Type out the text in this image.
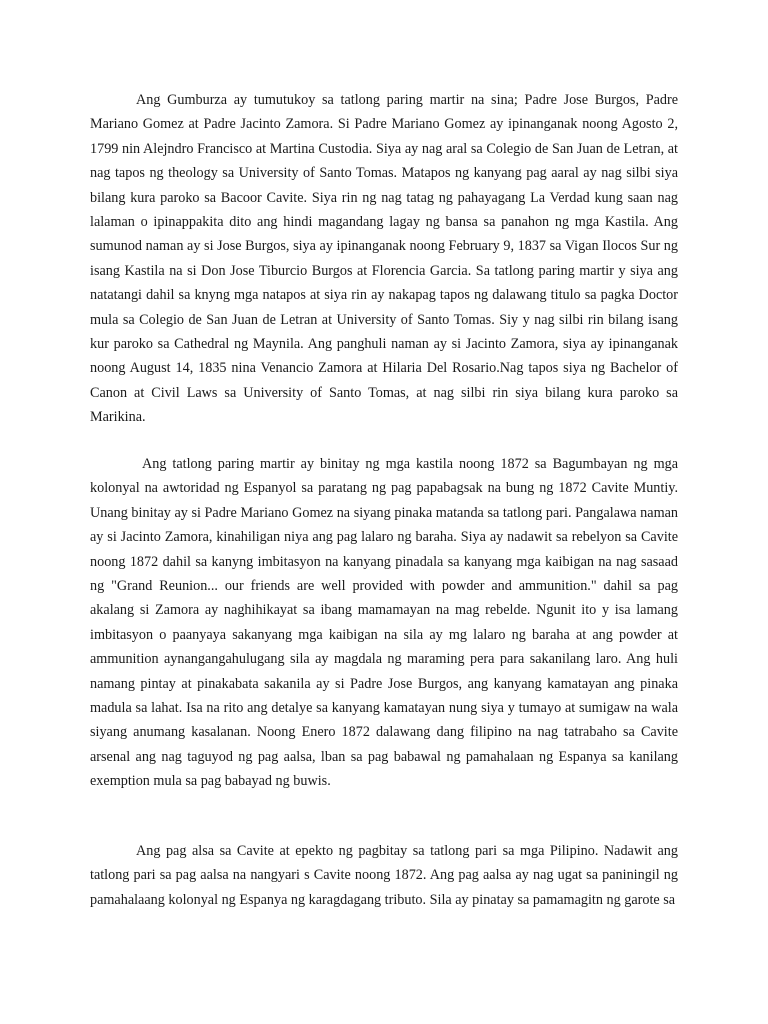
Ang Gumburza ay tumutukoy sa tatlong paring martir na sina; Padre Jose Burgos, Padre Mariano Gomez at Padre Jacinto Zamora. Si Padre Mariano Gomez ay ipinanganak noong Agosto 2, 1799 nin Alejndro Francisco at Martina Custodia. Siya ay nag aral sa Colegio de San Juan de Letran, at nag tapos ng theology sa University of Santo Tomas. Matapos ng kanyang pag aaral ay nag silbi siya bilang kura paroko sa Bacoor Cavite. Siya rin ng nag tatag ng pahayagang La Verdad kung saan nag lalaman o ipinappakita dito ang hindi magandang lagay ng bansa sa panahon ng mga Kastila. Ang sumunod naman ay si Jose Burgos, siya ay ipinanganak noong February 9, 1837 sa Vigan Ilocos Sur ng isang Kastila na si Don Jose Tiburcio Burgos at Florencia Garcia. Sa tatlong paring martir y siya ang natatangi dahil sa knyng mga natapos at siya rin ay nakapag tapos ng dalawang titulo sa pagka Doctor mula sa Colegio de San Juan de Letran at University of Santo Tomas. Siy y nag silbi rin bilang isang kur paroko sa Cathedral ng Maynila. Ang panghuli naman ay si Jacinto Zamora, siya ay ipinanganak noong August 14, 1835 nina Venancio Zamora at Hilaria Del Rosario.Nag tapos siya ng Bachelor of Canon at Civil Laws sa University of Santo Tomas, at nag silbi rin siya bilang kura paroko sa Marikina.

Ang tatlong paring martir ay binitay ng mga kastila noong 1872 sa Bagumbayan ng mga kolonyal na awtoridad ng Espanyol sa paratang ng pag papabagsak na bung ng 1872 Cavite Muntiy. Unang binitay ay si Padre Mariano Gomez na siyang pinaka matanda sa tatlong pari. Pangalawa naman ay si Jacinto Zamora, kinahiligan niya ang pag lalaro ng baraha. Siya ay nadawit sa rebelyon sa Cavite noong 1872 dahil sa kanyng imbitasyon na kanyang pinadala sa kanyang mga kaibigan na nag sasaad ng "Grand Reunion... our friends are well provided with powder and ammunition." dahil sa pag akalang si Zamora ay naghihikayat sa ibang mamamayan na mag rebelde. Ngunit ito y isa lamang imbitasyon o paanyaya sakanyang mga kaibigan na sila ay mg lalaro ng baraha at ang powder at ammunition aynangangahulugang sila ay magdala ng maraming pera para sakanilang laro. Ang huli namang pintay at pinakabata sakanila ay si Padre Jose Burgos, ang kanyang kamatayan ang pinaka madula sa lahat. Isa na rito ang detalye sa kanyang kamatayan nung siya y tumayo at sumigaw na wala siyang anumang kasalanan. Noong Enero 1872 dalawang dang filipino na nag tatrabaho sa Cavite arsenal ang nag taguyod ng pag aalsa, lban sa pag babawal ng pamahalaan ng Espanya sa kanilang exemption mula sa pag babayad ng buwis.

Ang pag alsa sa Cavite at epekto ng pagbitay sa tatlong pari sa mga Pilipino. Nadawit ang tatlong pari sa pag aalsa na nangyari s Cavite noong 1872. Ang pag aalsa ay nag ugat sa paniningil ng pamahalaang kolonyal ng Espanya ng karagdagang tributo. Sila ay pinatay sa pamamagitn ng garote sa
